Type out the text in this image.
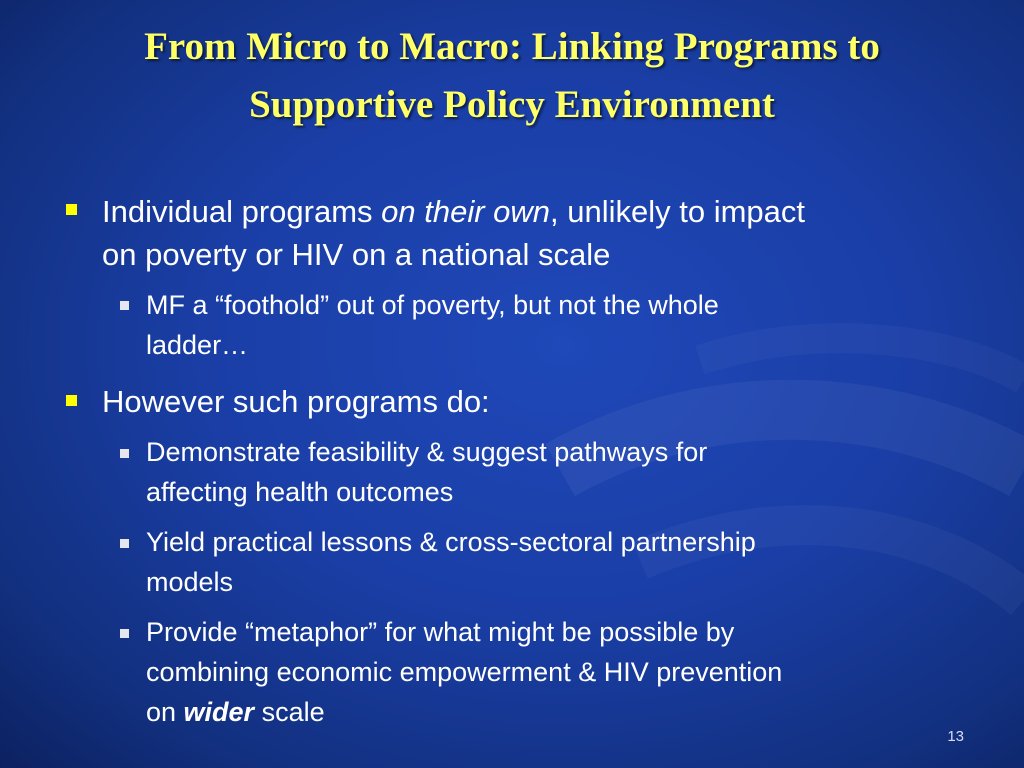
From Micro to Macro: Linking Programs to
Supportive Policy Environment

Individual programs on their own, unlikely to impact

on poverty or HIV on a national scale

MF a “foothold” out of poverty, but not the whole

ladder…

However such programs do:

Demonstrate feasibility & suggest pathways for

affecting health outcomes

Yield practical lessons & cross-sectoral partnership

models

Provide “metaphor” for what might be possible by

combining economic empowerment & HIV prevention

on wider scale

13
